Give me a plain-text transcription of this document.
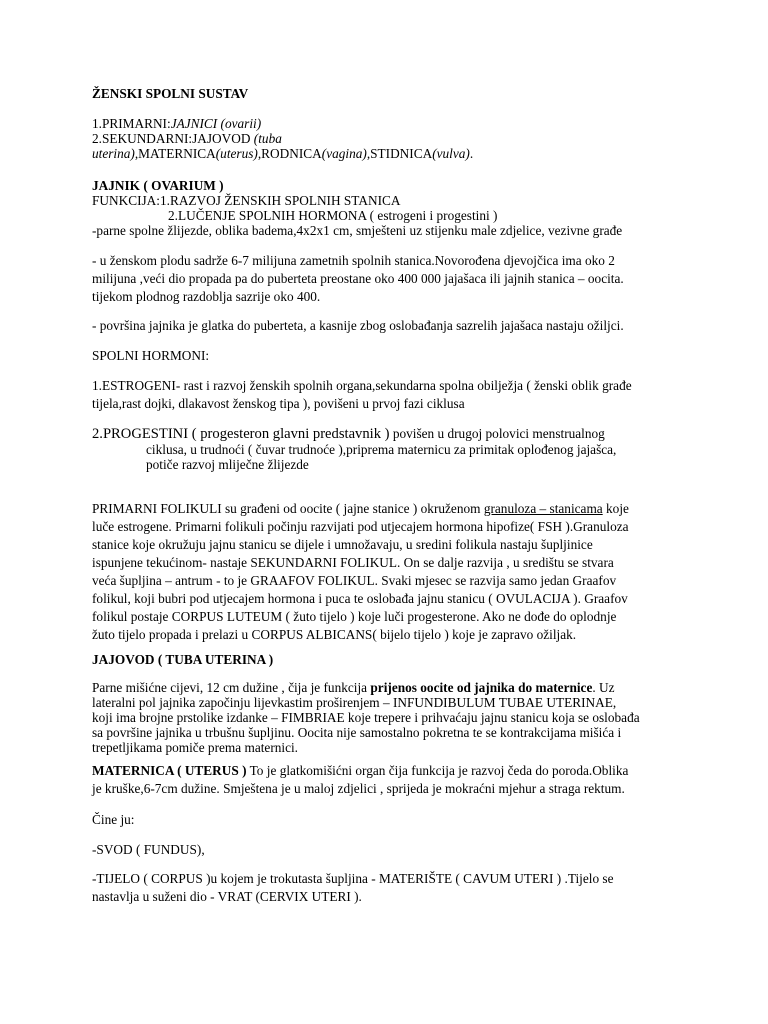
ŽENSKI SPOLNI SUSTAV
1.PRIMARNI:JAJNICI (ovarii)
2.SEKUNDARNI:JAJOVOD (tuba
uterina),MATERNICA(uterus),RODNICA(vagina),STIDNICA(vulva).
JAJNIK ( OVARIUM )
FUNKCIJA:1.RAZVOJ ŽENSKIH SPOLNIH STANICA
2.LUČENJE SPOLNIH HORMONA ( estrogeni i progestini )
-parne spolne žlijezde, oblika badema,4x2x1 cm, smješteni uz stijenku male zdjelice, vezivne građe
- u ženskom plodu sadrže 6-7 milijuna zametnih spolnih stanica.Novorođena djevojčica ima oko 2
milijuna ,veći dio propada pa do puberteta preostane oko 400 000 jajašaca ili jajnih stanica – oocita.
tijekom plodnog razdoblja sazrije oko 400.
- površina jajnika je glatka do puberteta, a kasnije zbog oslobađanja sazrelih jajašaca nastaju ožiljci.
SPOLNI HORMONI:
1.ESTROGENI- rast i razvoj ženskih spolnih organa,sekundarna spolna obilježja ( ženski oblik građe
tijela,rast dojki, dlakavost ženskog tipa ), povišeni u prvoj fazi ciklusa
2.PROGESTINI ( progesteron glavni predstavnik ) povišen u drugoj polovici menstrualnog
ciklusa, u trudnoći ( čuvar trudnoće ),priprema maternicu za primitak oplođenog jajašca,
potiče razvoj mliječne žlijezde
PRIMARNI FOLIKULI su građeni od oocite ( jajne stanice ) okruženom granuloza – stanicama koje
luče estrogene. Primarni folikuli počinju razvijati pod utjecajem hormona hipofize( FSH ).Granuloza
stanice koje okružuju jajnu stanicu se dijele i umnožavaju, u sredini folikula nastaju šupljinice
ispunjene tekućinom- nastaje SEKUNDARNI FOLIKUL. On se dalje razvija , u središtu se stvara
veća šupljina – antrum - to je GRAAFOV FOLIKUL. Svaki mjesec se razvija samo jedan Graafov
folikul, koji bubri pod utjecajem hormona i puca te oslobađa jajnu stanicu ( OVULACIJA ). Graafov
folikul postaje CORPUS LUTEUM ( žuto tijelo ) koje luči progesterone. Ako ne dođe do oplodnje
žuto tijelo propada i prelazi u CORPUS ALBICANS( bijelo tijelo ) koje je zapravo ožiljak.
JAJOVOD ( TUBA UTERINA )
Parne mišićne cijevi, 12 cm dužine , čija je funkcija prijenos oocite od jajnika do maternice. Uz
lateralni pol jajnika započinju lijevkastim proširenjem – INFUNDIBULUM TUBAE UTERINAE,
koji ima brojne prstolike izdanke – FIMBRIAE koje trepere i prihvaćaju jajnu stanicu koja se oslobađa
sa površine jajnika u trbušnu šupljinu. Oocita nije samostalno pokretna te se kontrakcijama mišića i
trepetljikama pomiče prema maternici.
MATERNICA ( UTERUS ) To je glatkomišićni organ čija funkcija je razvoj čeda do poroda.Oblika
je kruške,6-7cm dužine. Smještena je u maloj zdjelici , sprijeda je mokraćni mjehur a straga rektum.
Čine ju:
-SVOD ( FUNDUS),
-TIJELO ( CORPUS )u kojem je trokutasta šupljina - MATERIŠTE ( CAVUM UTERI ) .Tijelo se
nastavlja u suženi dio - VRAT (CERVIX UTERI ).
